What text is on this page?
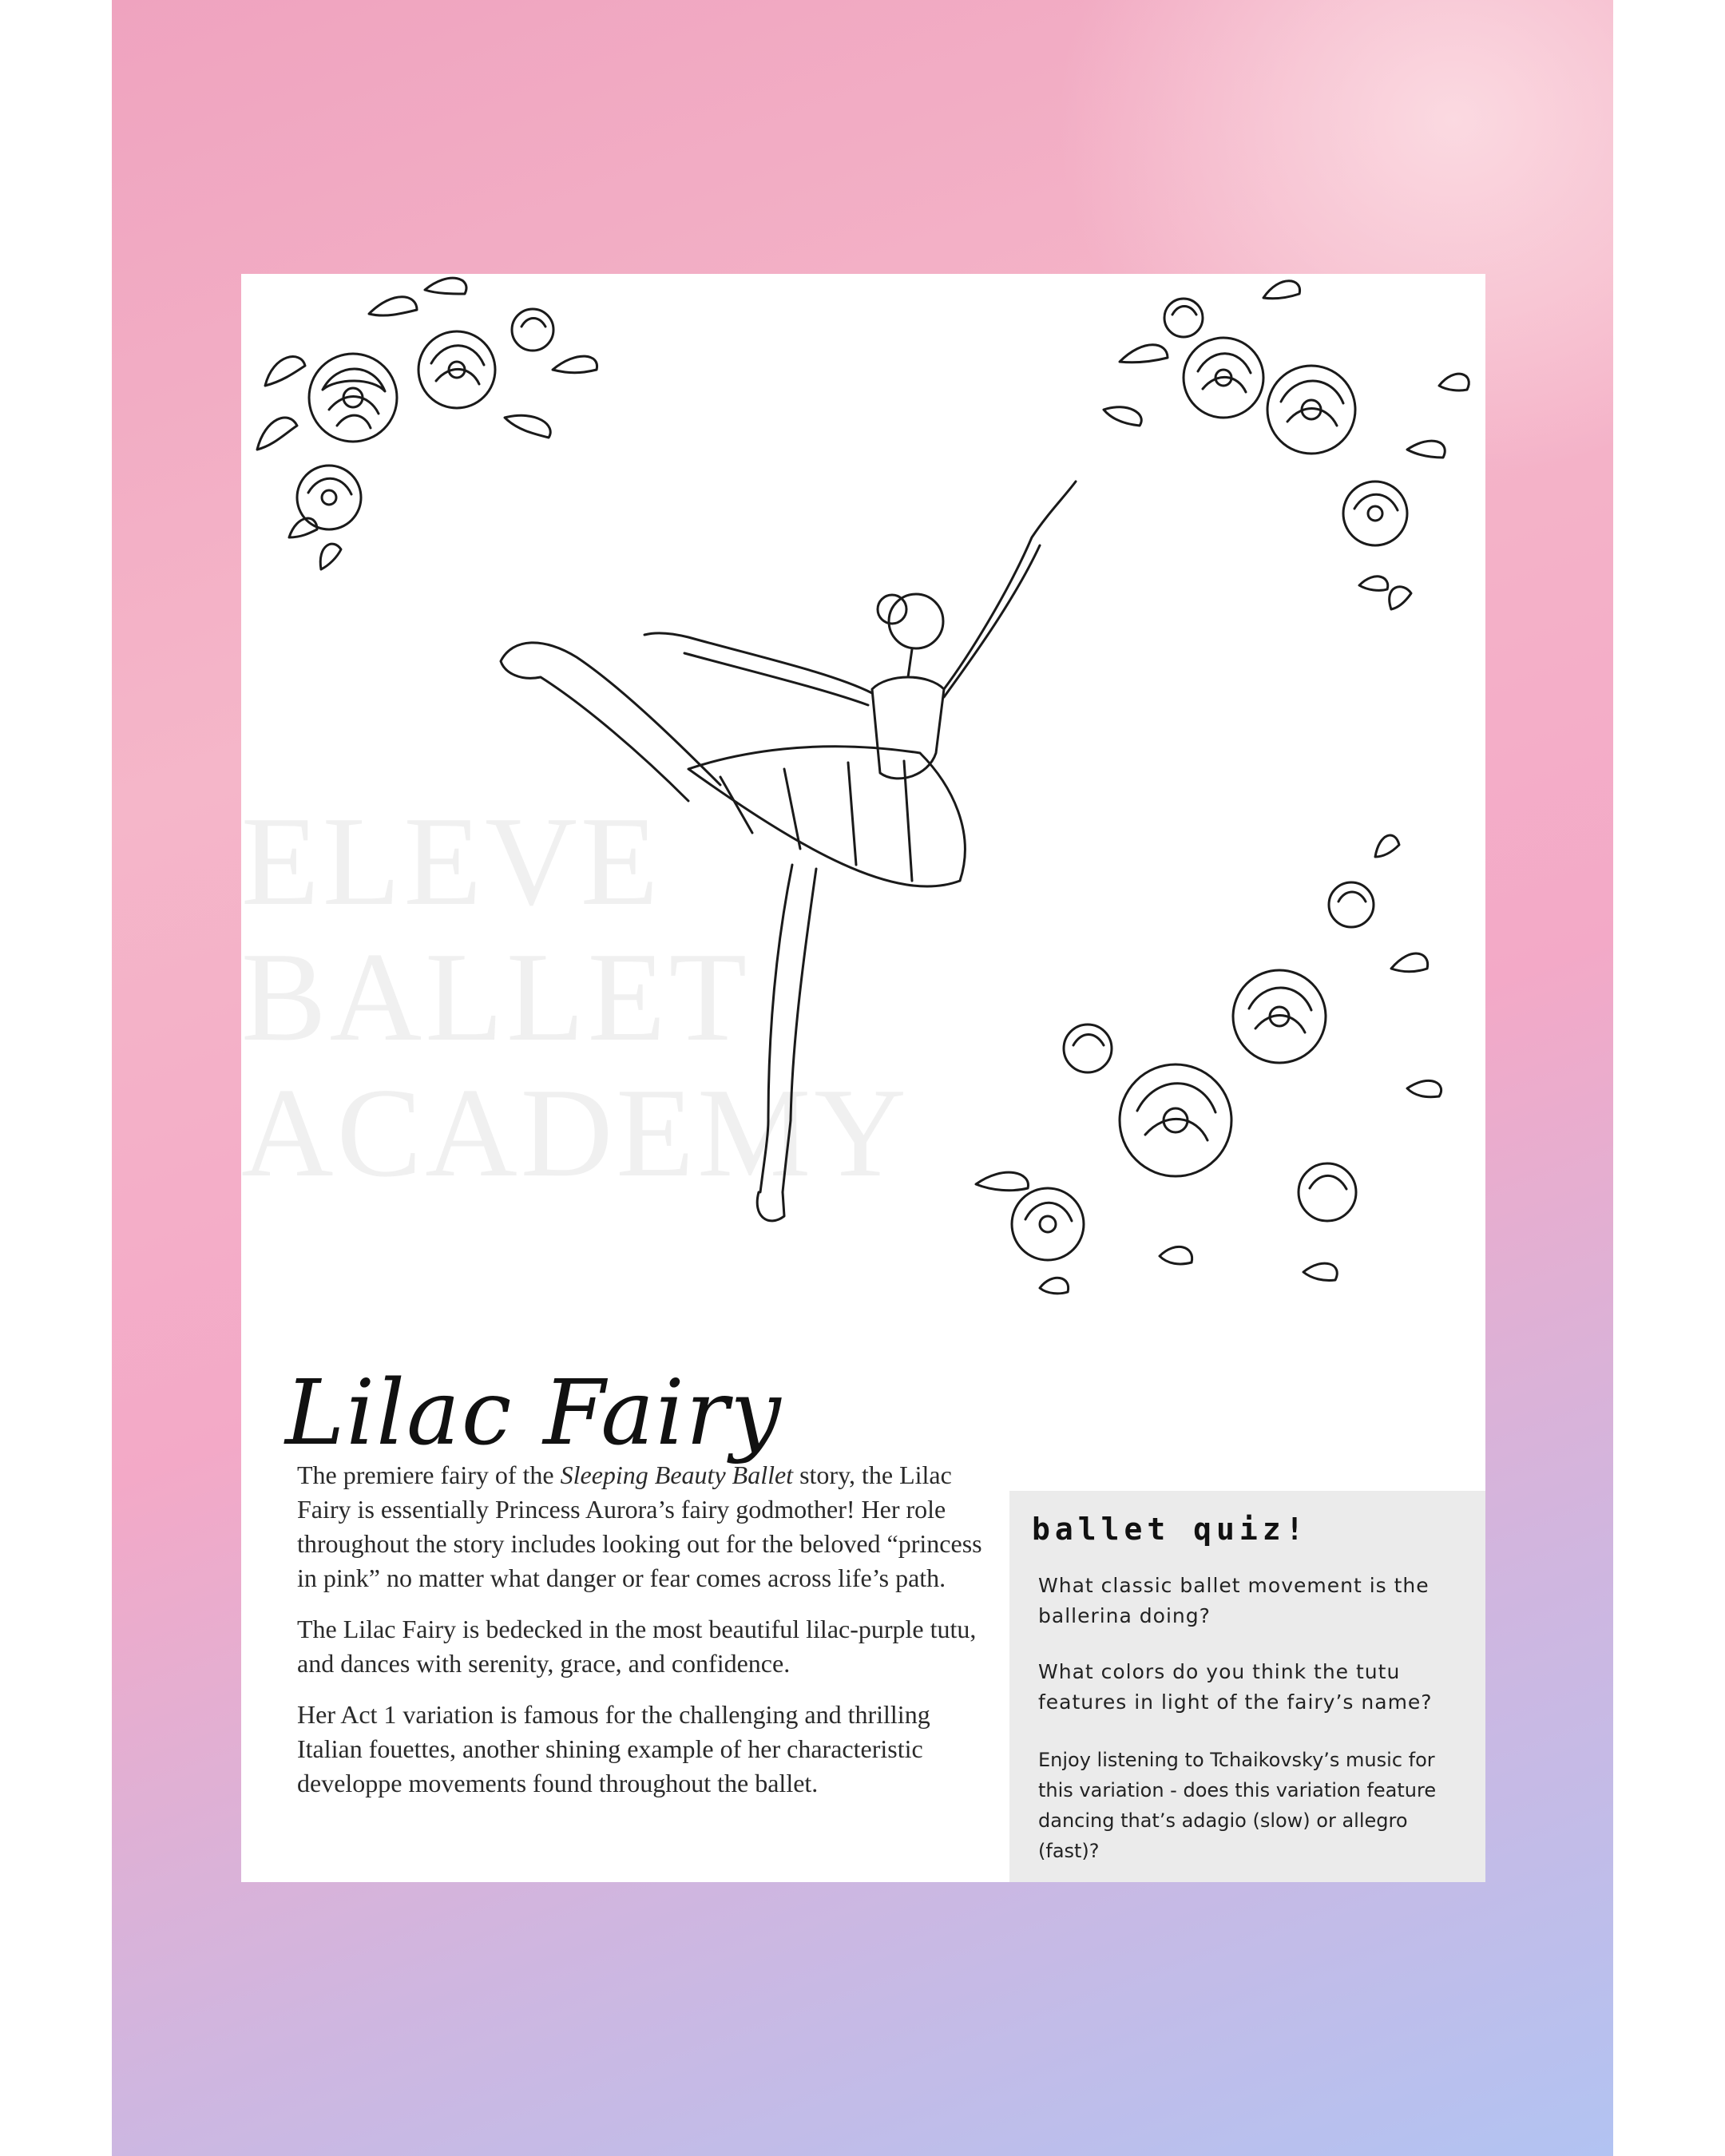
ELEVE
BALLET
ACADEMY
Lilac Fairy

The premiere fairy of the Sleeping Beauty Ballet story, the Lilac Fairy is essentially Princess Aurora’s fairy godmother! Her role throughout the story includes looking out for the beloved “princess in pink” no matter what danger or fear comes across life’s path.

The Lilac Fairy is bedecked in the most beautiful lilac-purple tutu, and dances with serenity, grace, and confidence.

Her Act 1 variation is famous for the challenging and thrilling Italian fouettes, another shining example of her characteristic developpe movements found throughout the ballet.

ballet quiz!
What classic ballet movement is the ballerina doing?
What colors do you think the tutu features in light of the fairy’s name?
Enjoy listening to Tchaikovsky’s music for this variation - does this variation feature dancing that’s adagio (slow) or allegro (fast)?
